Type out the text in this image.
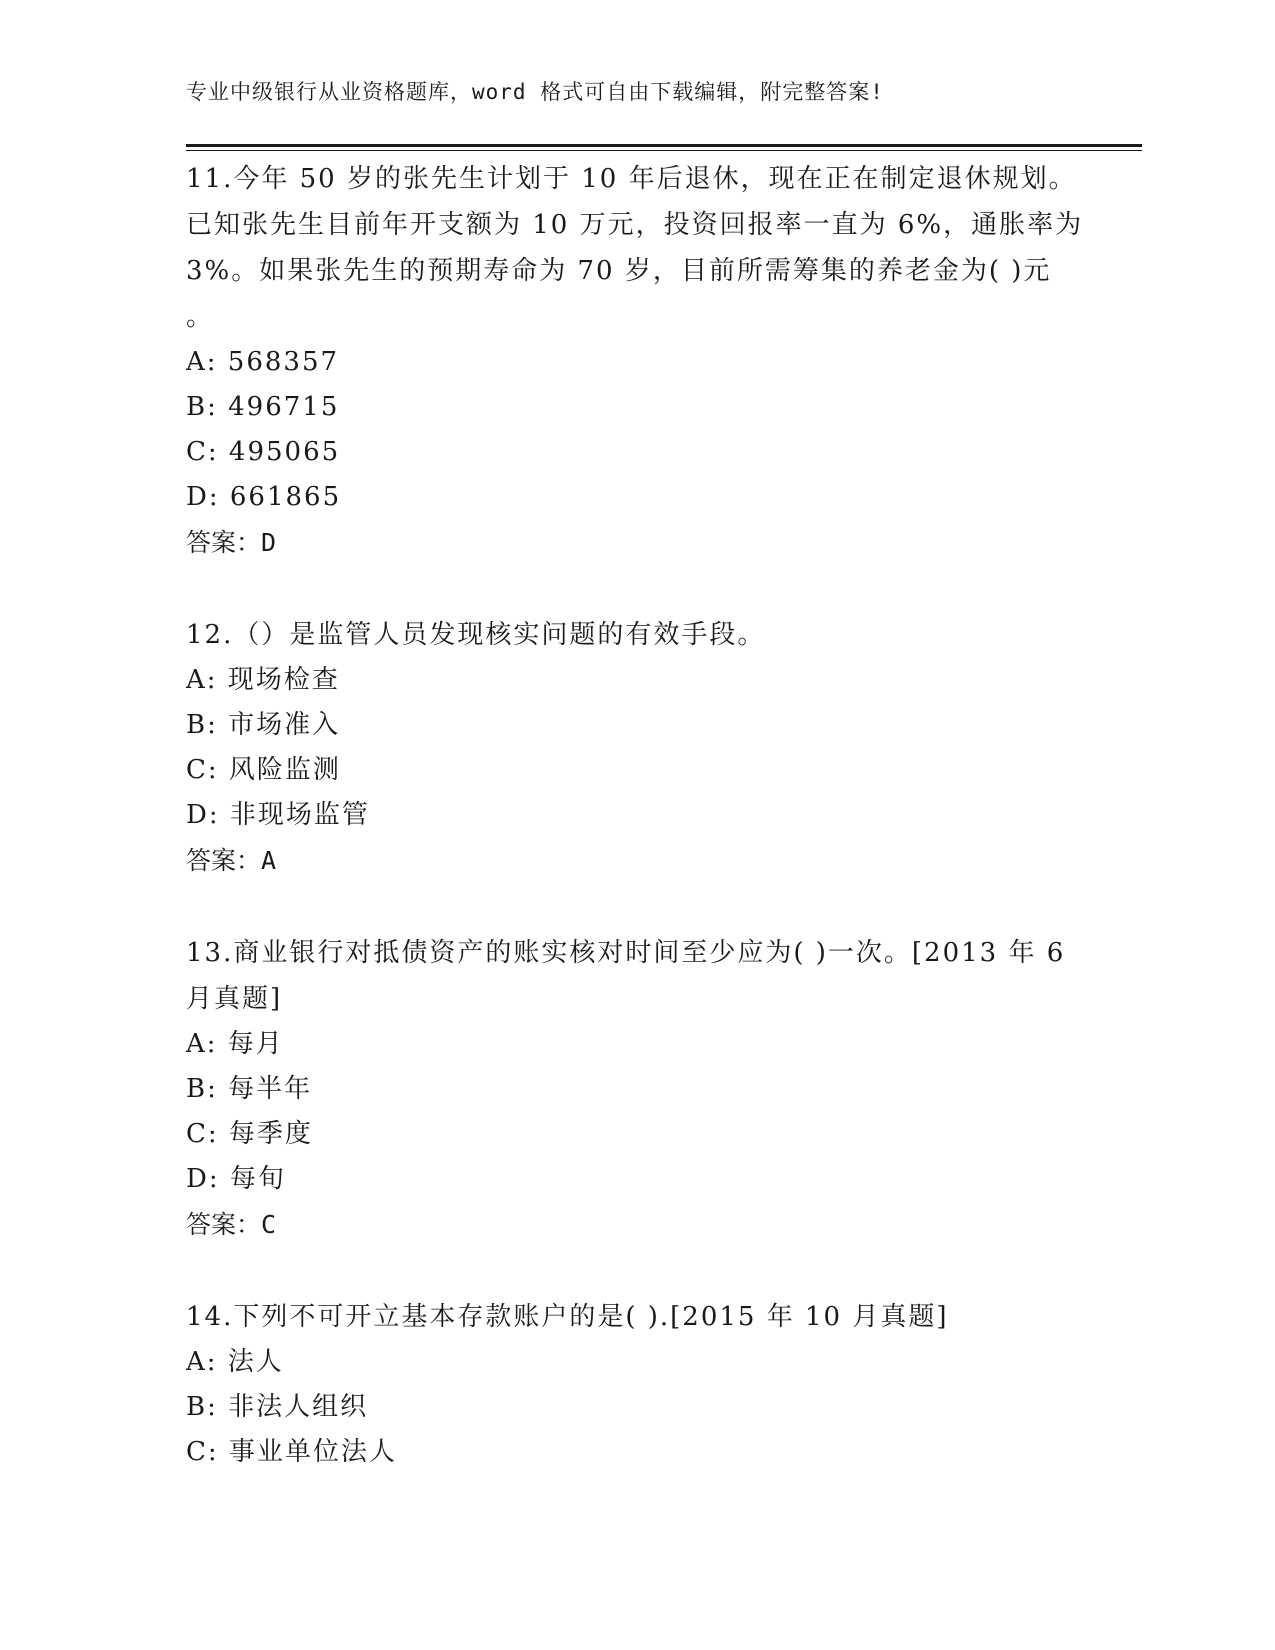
专业中级银行从业资格题库，word 格式可自由下载编辑，附完整答案!
11.今年 50 岁的张先生计划于 10 年后退休，现在正在制定退休规划。
已知张先生目前年开支额为 10 万元，投资回报率一直为 6%，通胀率为
3%。如果张先生的预期寿命为 70 岁，目前所需筹集的养老金为( )元
。
A: 568357
B: 496715
C: 495065
D: 661865
答案：D
12.（）是监管人员发现核实问题的有效手段。
A: 现场检查
B: 市场准入
C: 风险监测
D: 非现场监管
答案：A
13.商业银行对抵债资产的账实核对时间至少应为( )一次。[2013 年 6
月真题]
A: 每月
B: 每半年
C: 每季度
D: 每旬
答案：C
14.下列不可开立基本存款账户的是( ).[2015 年 10 月真题]
A: 法人
B: 非法人组织
C: 事业单位法人
